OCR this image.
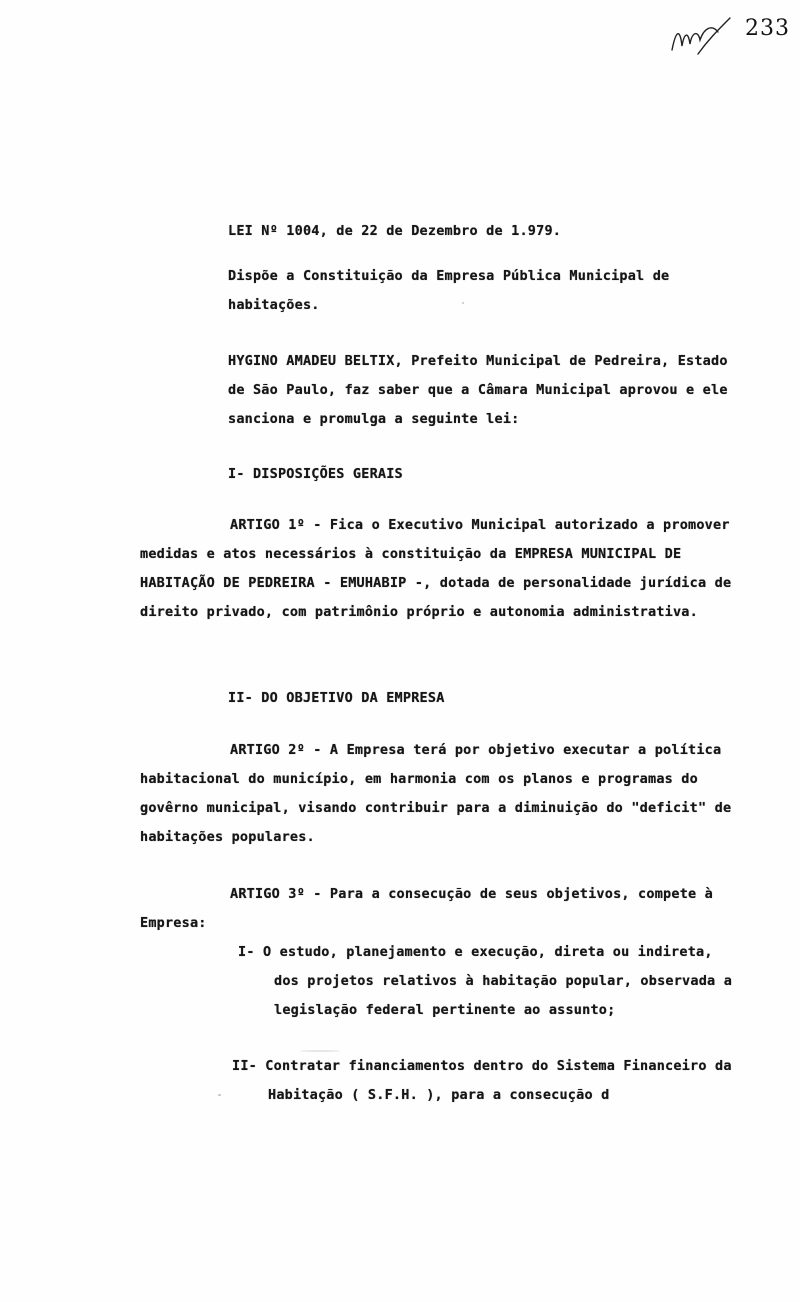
233
LEI Nº 1004, de 22 de Dezembro de 1.979.
Dispõe a Constituição da Empresa Pública Municipal de habitações.
HYGINO AMADEU BELTIX, Prefeito Municipal de Pedreira, Estado de São Paulo, faz saber que a Câmara Municipal aprovou e ele sanciona e promulga a seguinte lei:
I- DISPOSIÇÕES GERAIS
ARTIGO 1º - Fica o Executivo Municipal autorizado a promover medidas e atos necessários à constituição da EMPRESA MUNICIPAL DE HABITAÇÃO DE PEDREIRA - EMUHABIP -, dotada de personalidade jurídica de direito privado, com patrimônio próprio e autonomia administrativa.
II- DO OBJETIVO DA EMPRESA
ARTIGO 2º - A Empresa terá por objetivo executar a política habitacional do município, em harmonia com os planos e programas do govêrno municipal, visando contribuir para a diminuição do "deficit" de habitações populares.
ARTIGO 3º - Para a consecução de seus objetivos, compete à Empresa:
I- O estudo, planejamento e execução, direta ou indireta, dos projetos relativos à habitação popular, observada a legislação federal pertinente ao assunto;
II- Contratar financiamentos dentro do Sistema Financeiro da Habitação ( S.F.H. ), para a consecução d
